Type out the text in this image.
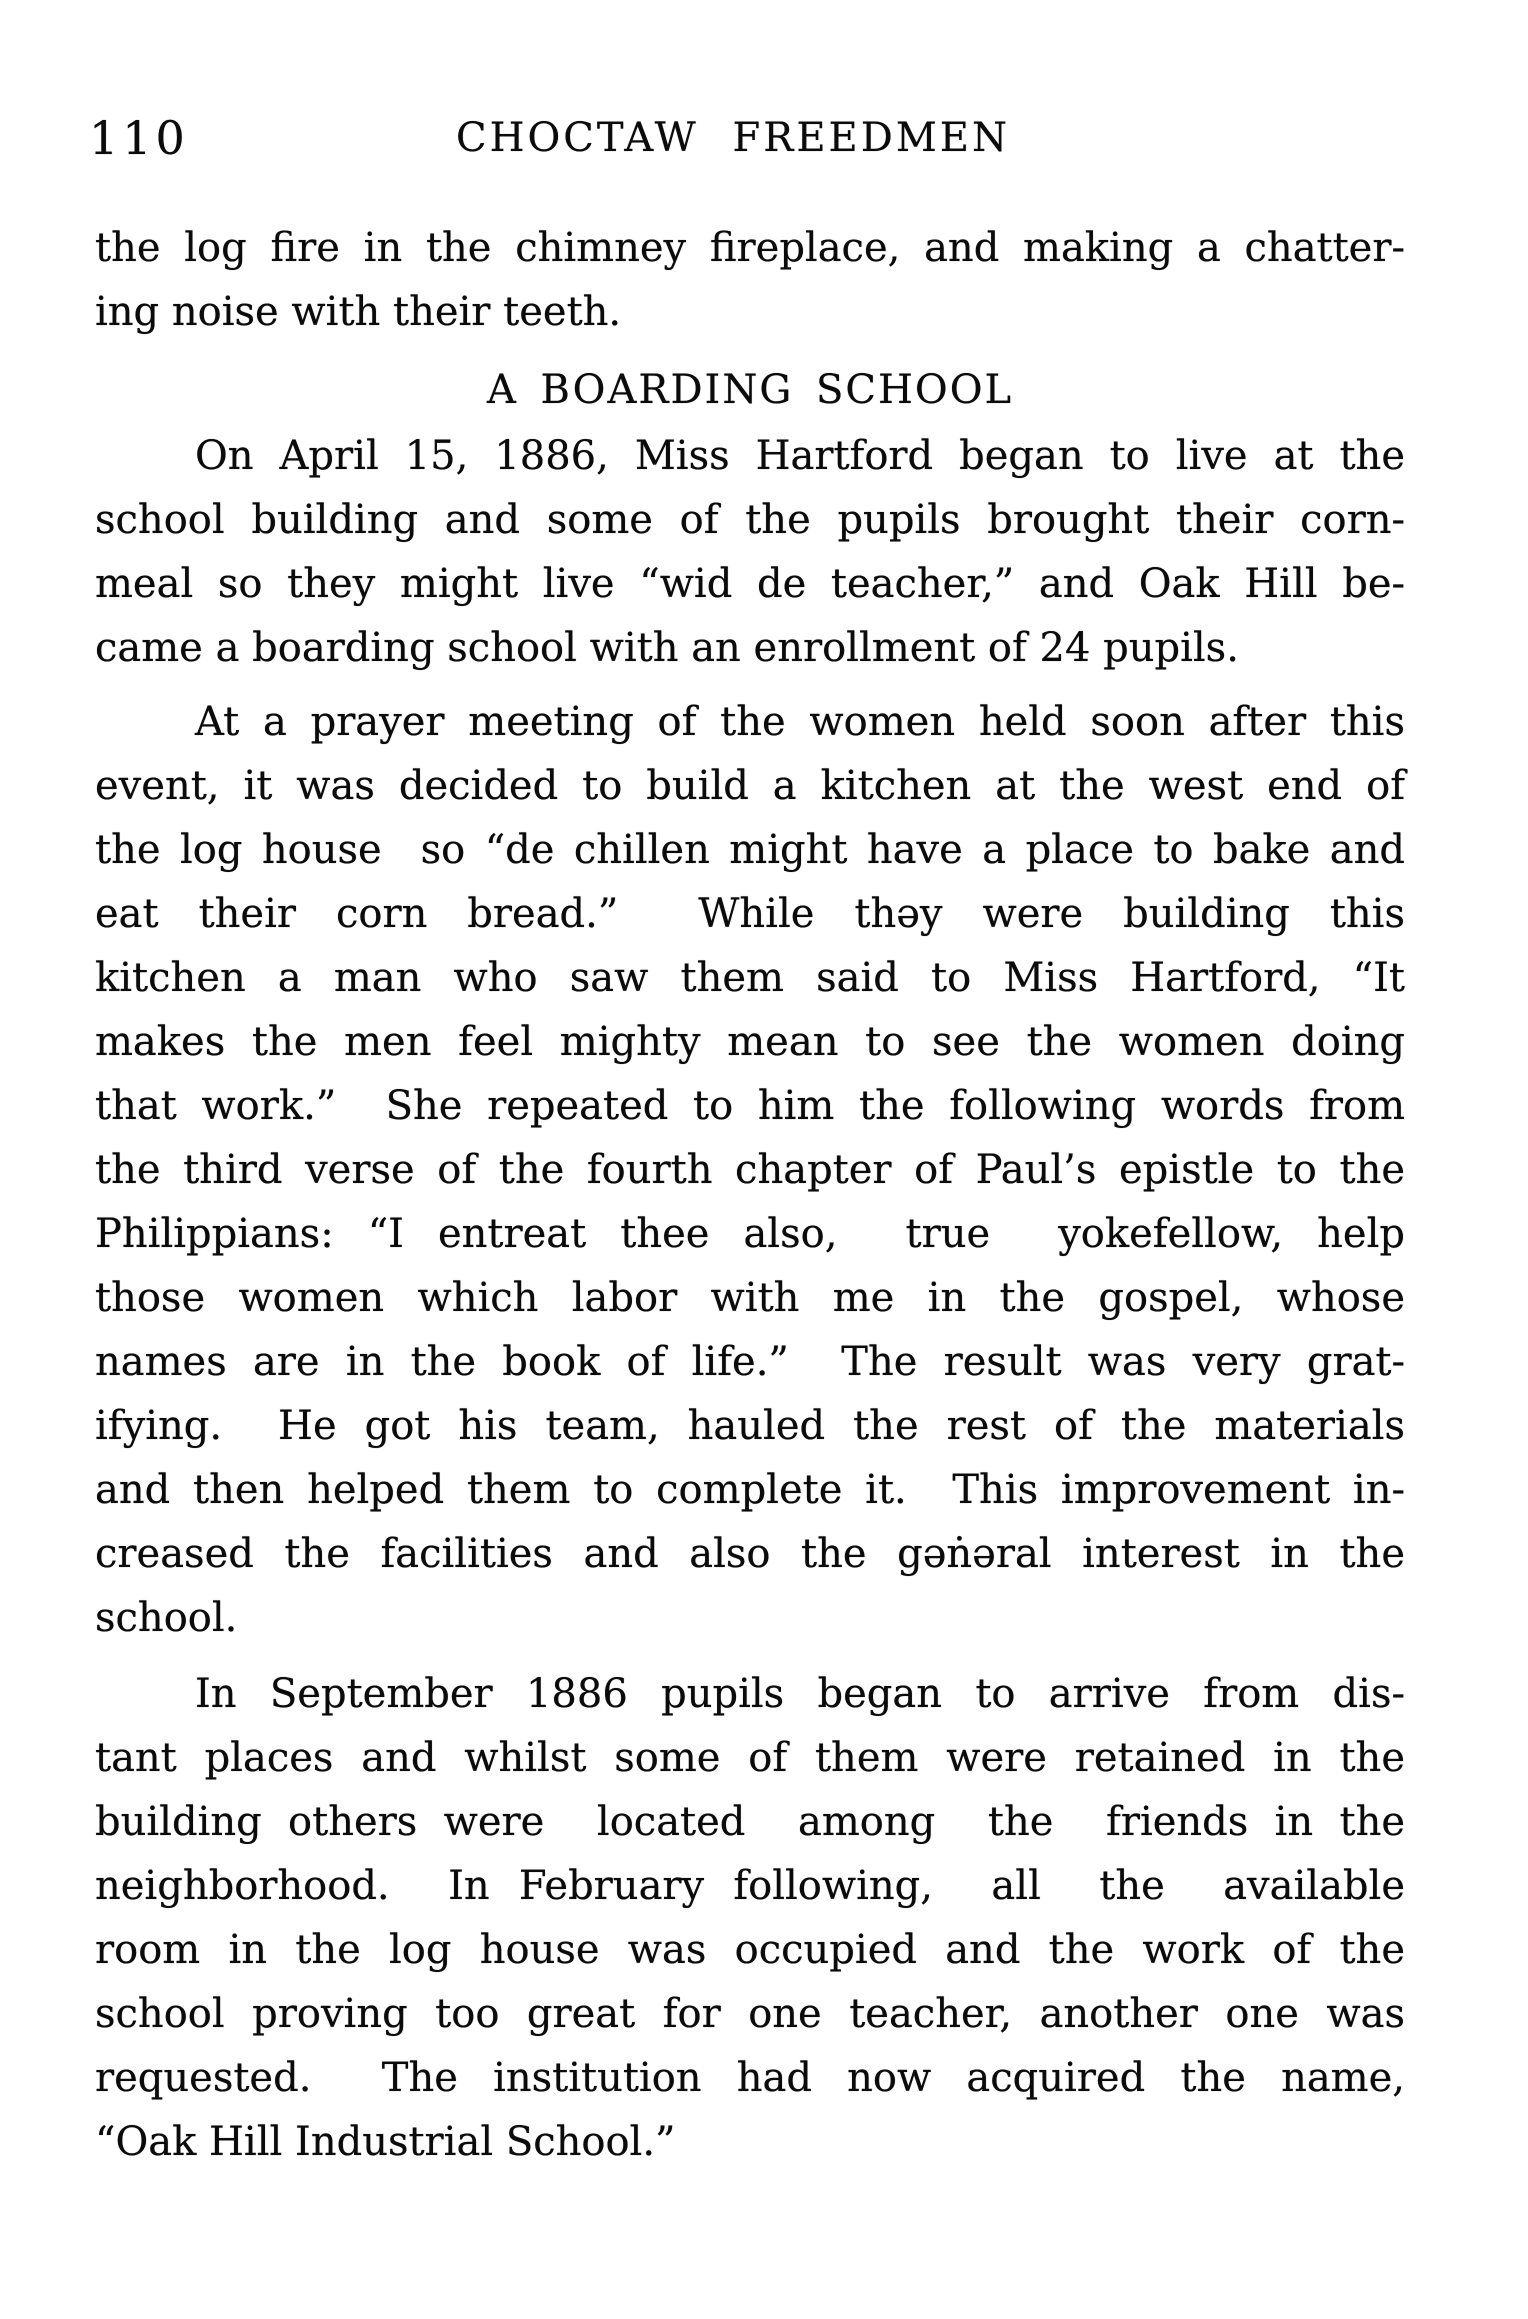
110	CHOCTAW FREEDMEN
the log fire in the chimney fireplace, and making a chatter-
ing noise with their teeth.
A BOARDING SCHOOL
On April 15, 1886, Miss Hartford began to live at the
school building and some of the pupils brought their corn-
meal so they might live “wid de teacher,” and Oak Hill be-
came a boarding school with an enrollment of 24 pupils.
At a prayer meeting of the women held soon after this
event, it was decided to build a kitchen at the west end of
the log house  so “de chillen might have a place to bake and
eat their corn bread.”  While thəy were building this
kitchen a man who saw them said to Miss Hartford, “It
makes the men feel mighty mean to see the women doing
that work.”  She repeated to him the following words from
the third verse of the fourth chapter of Paul’s epistle to the
Philippians: “I entreat thee also,  true  yokefellow, help
those women which labor with me in the gospel, whose
names are in the book of life.”  The result was very grat-
ifying.  He got his team, hauled the rest of the materials
and then helped them to complete it.  This improvement in-
creased the facilities and also the gəṅəral interest in the
school.
In September 1886 pupils began to arrive from dis-
tant places and whilst some of them were retained in the
building others were  located  among  the  friends in the
neighborhood.  In February following,  all  the  available
room in the log house was occupied and the work of the
school proving too great for one teacher, another one was
requested.  The institution had now acquired the name,
“Oak Hill Industrial School.”
